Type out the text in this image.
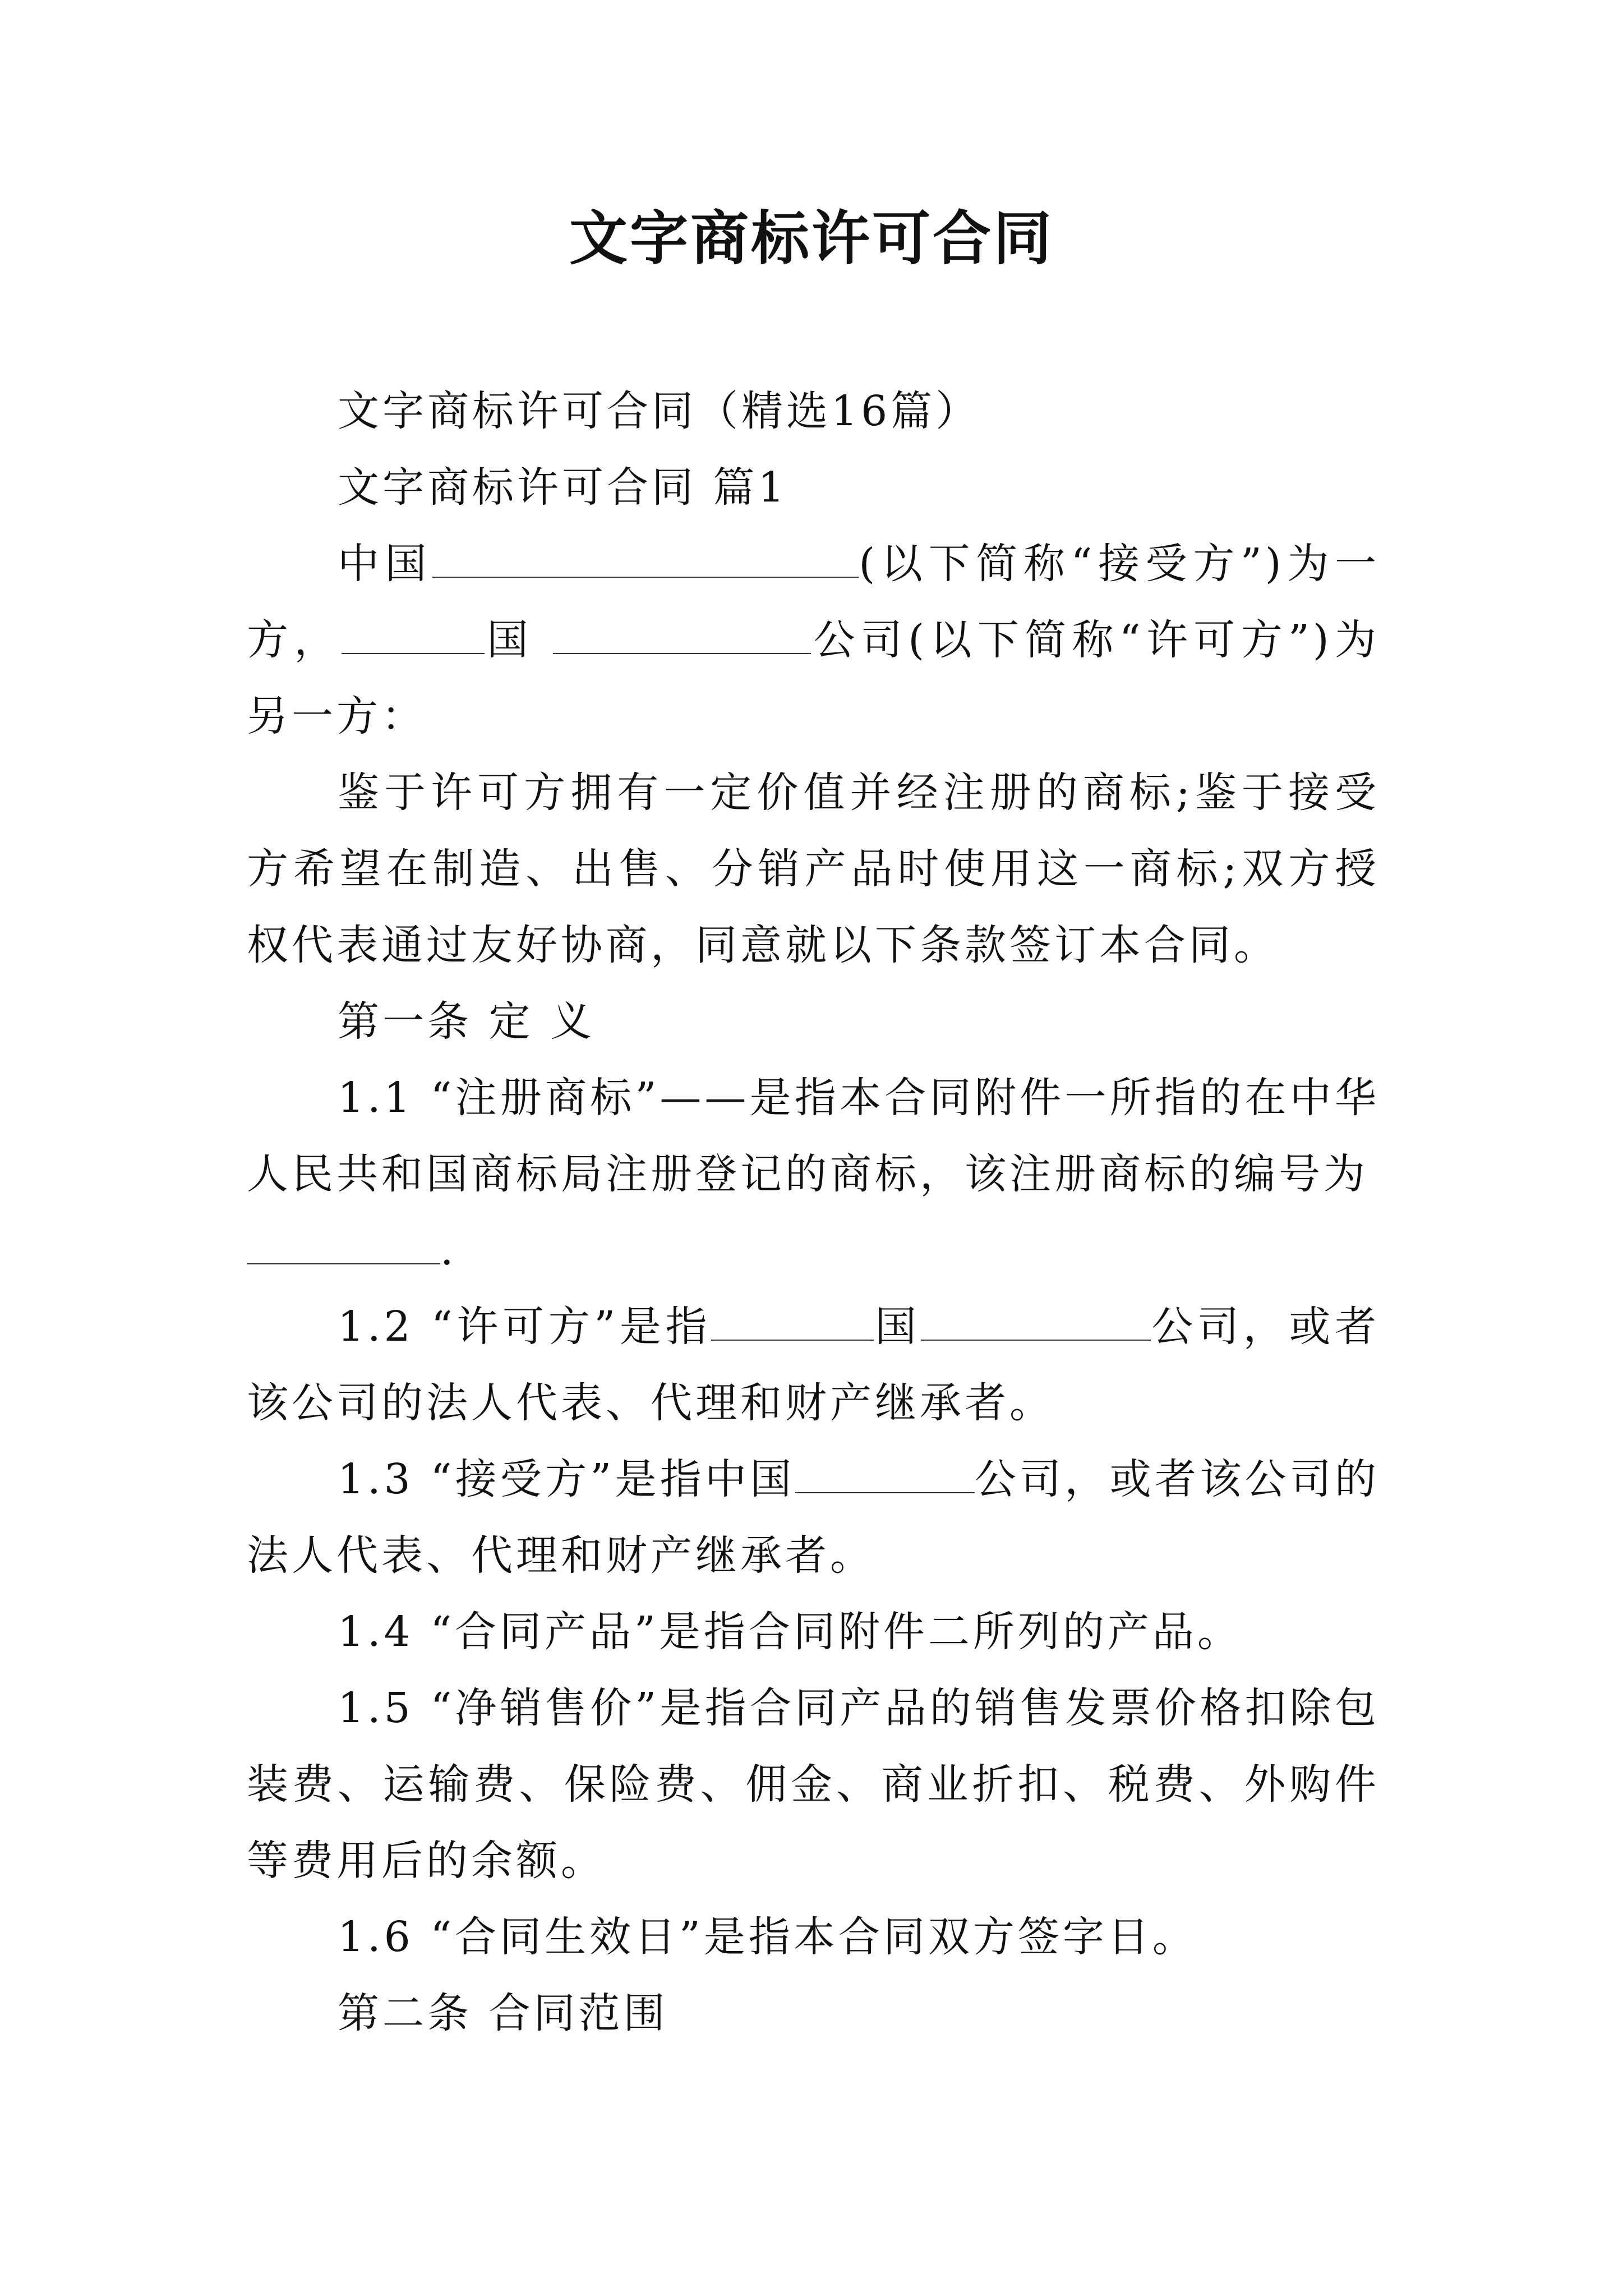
文字商标许可合同

文字商标许可合同（精选16篇）

文字商标许可合同 篇1

中国	(以下简称“接受方”)为一方，	国	公司(以下简称“许可方”)为另一方：

鉴于许可方拥有一定价值并经注册的商标;鉴于接受方希望在制造、出售、分销产品时使用这一商标;双方授权代表通过友好协商，同意就以下条款签订本合同。

第一条 定 义

1.1 “注册商标”——是指本合同附件一所指的在中华人民共和国商标局注册登记的商标，该注册商标的编号为

.

1.2 “许可方”是指	国	公司，或者该公司的法人代表、代理和财产继承者。

1.3 “接受方”是指中国	公司，或者该公司的法人代表、代理和财产继承者。

1.4 “合同产品”是指合同附件二所列的产品。

1.5 “净销售价”是指合同产品的销售发票价格扣除包装费、运输费、保险费、佣金、商业折扣、税费、外购件等费用后的余额。

1.6 “合同生效日”是指本合同双方签字日。

第二条 合同范围
